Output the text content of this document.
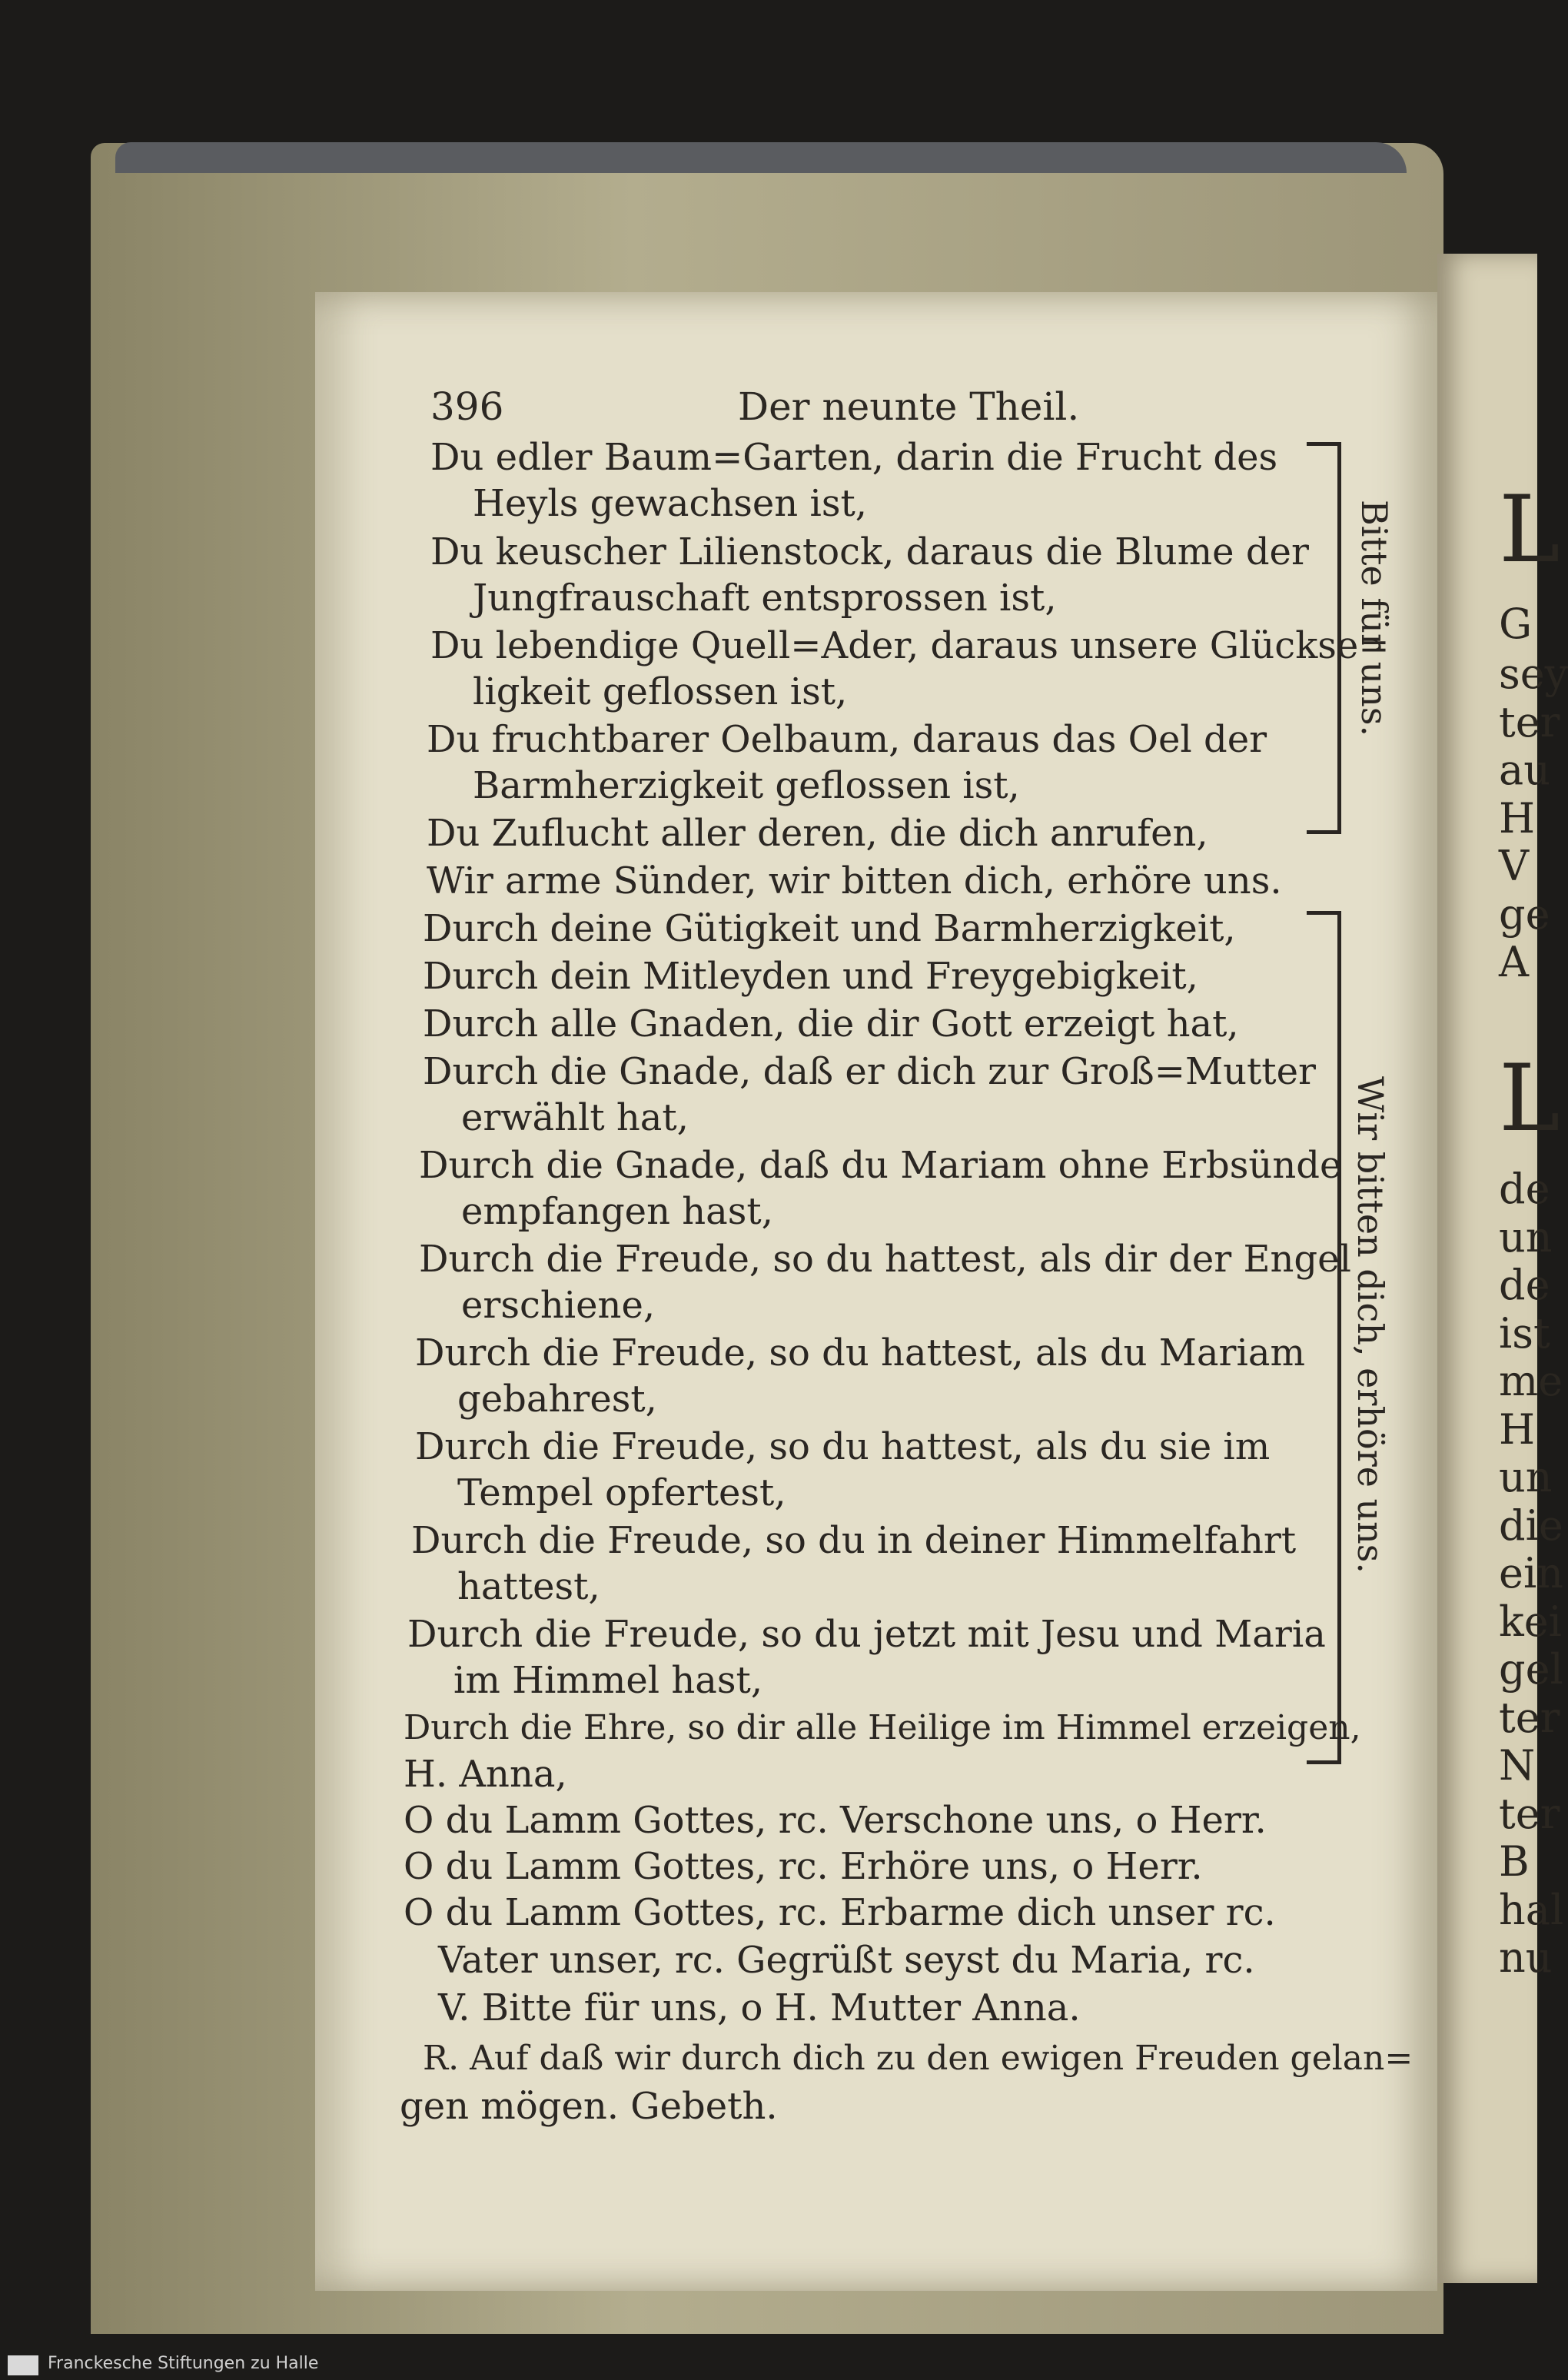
L
G
sey
ter
au
H
V
ge
A
L
de
un
de
ist
me
H
un
die
ein
kei
gel
ter
N
ter
B
hal
nu
396	Der neunte Theil.
Du edler Baum=Garten, darin die Frucht des
Heyls gewachsen ist,
Du keuscher Lilienstock, daraus die Blume der
Jungfrauschaft entsprossen ist,
Du lebendige Quell=Ader, daraus unsere Glückse=
ligkeit geflossen ist,
Du fruchtbarer Oelbaum, daraus das Oel der
Barmherzigkeit geflossen ist,
Du Zuflucht aller deren, die dich anrufen,
Wir arme Sünder, wir bitten dich, erhöre uns.
Durch deine Gütigkeit und Barmherzigkeit,
Durch dein Mitleyden und Freygebigkeit,
Durch alle Gnaden, die dir Gott erzeigt hat,
Durch die Gnade, daß er dich zur Groß=Mutter
erwählt hat,
Durch die Gnade, daß du Mariam ohne Erbsünde
empfangen hast,
Durch die Freude, so du hattest, als dir der Engel
erschiene,
Durch die Freude, so du hattest, als du Mariam
gebahrest,
Durch die Freude, so du hattest, als du sie im
Tempel opfertest,
Durch die Freude, so du in deiner Himmelfahrt
hattest,
Durch die Freude, so du jetzt mit Jesu und Maria
im Himmel hast,
Durch die Ehre, so dir alle Heilige im Himmel erzeigen,
H. Anna,
O du Lamm Gottes, rc. Verschone uns, o Herr.
O du Lamm Gottes, rc. Erhöre uns, o Herr.
O du Lamm Gottes, rc. Erbarme dich unser rc.
Vater unser, rc. Gegrüßt seyst du Maria, rc.
V. Bitte für uns, o H. Mutter Anna.
R. Auf daß wir durch dich zu den ewigen Freuden gelan=
gen mögen. Gebeth.
Bitte für uns.
Wir bitten dich, erhöre uns.
Franckesche Stiftungen zu Halle
